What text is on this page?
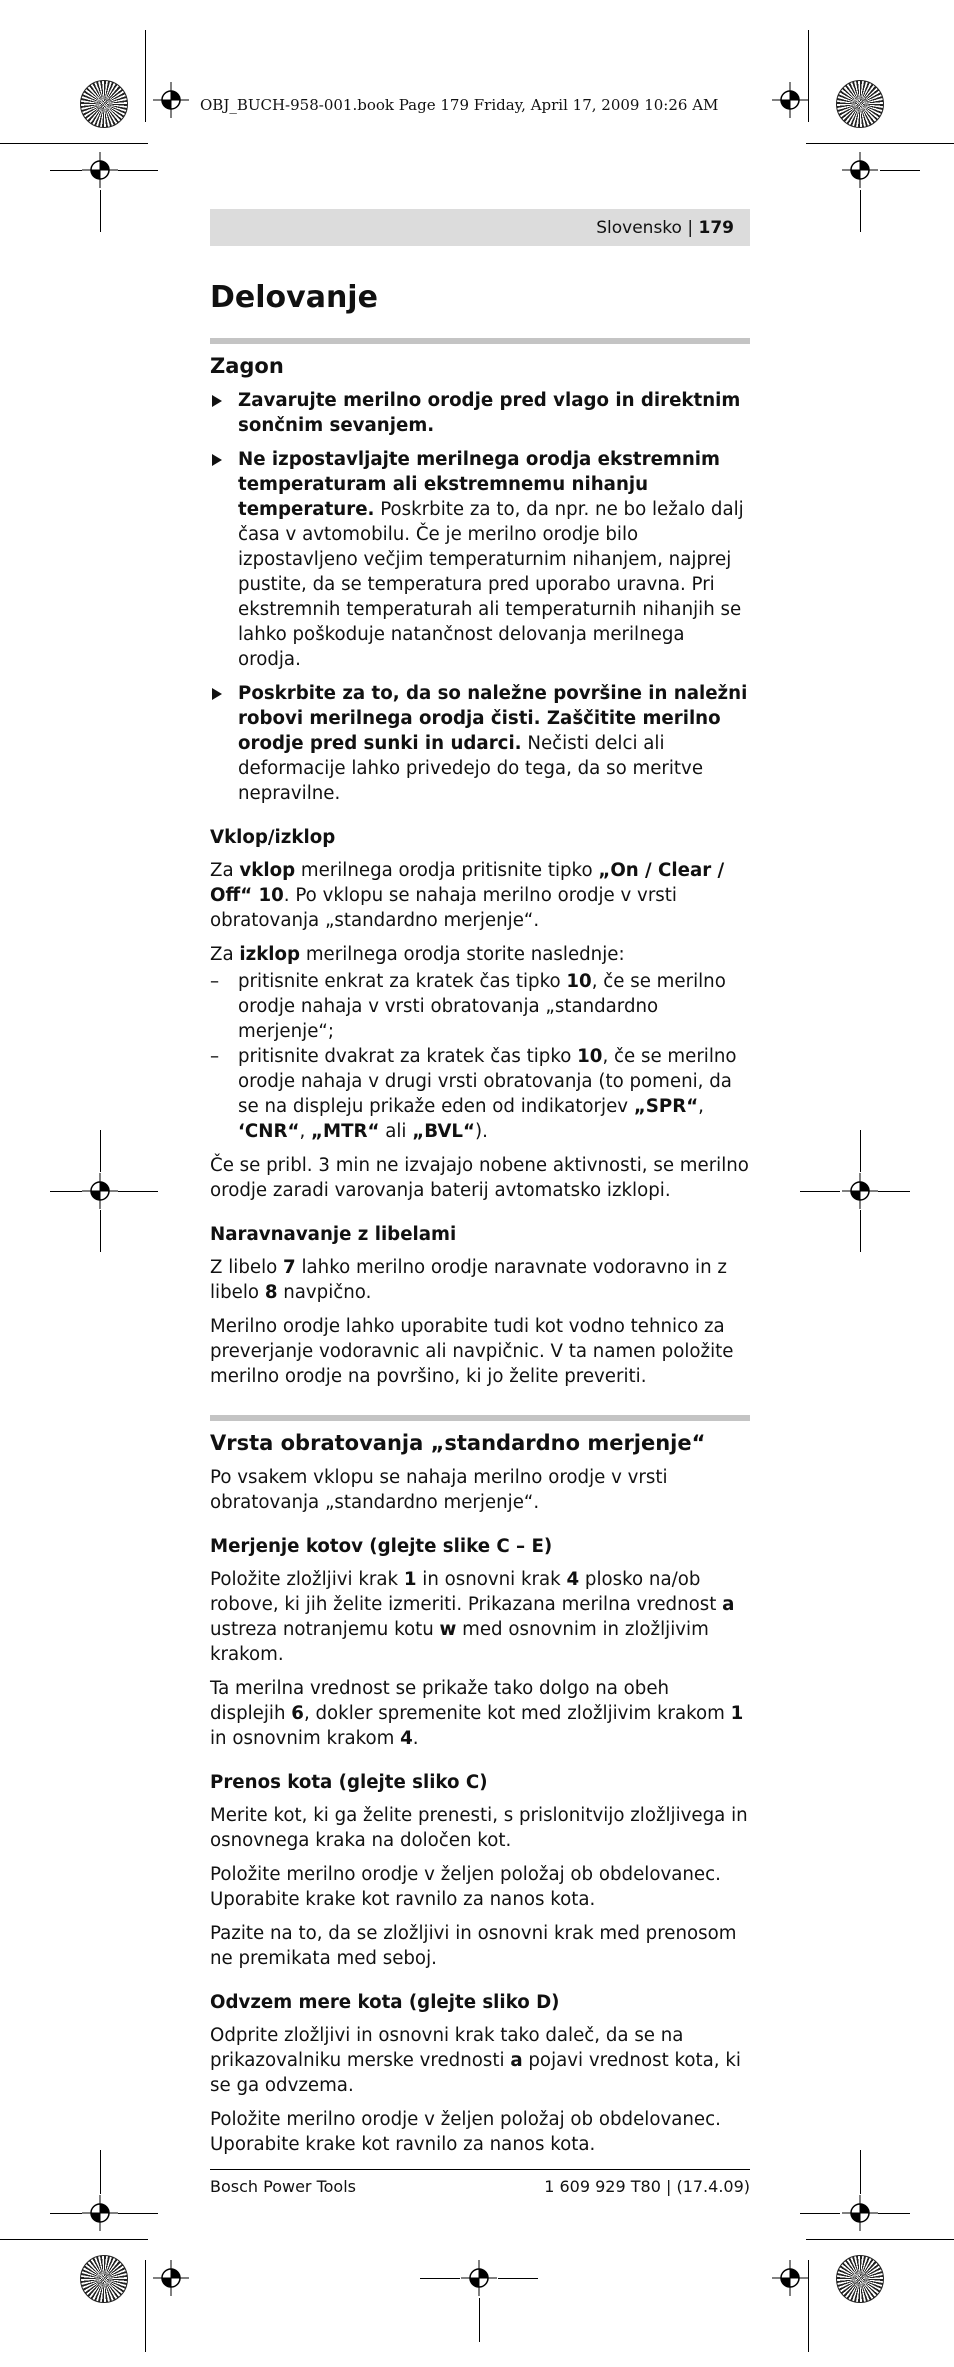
OBJ_BUCH-958-001.book Page 179 Friday, April 17, 2009 10:26 AM
Slovensko | 179
Delovanje
Zagon
Zavarujte merilno orodje pred vlago in direktnim sončnim sevanjem.
Ne izpostavljajte merilnega orodja ekstremnim temperaturam ali ekstremnemu nihanju temperature. Poskrbite za to, da npr. ne bo ležalo dalj časa v avtomobilu. Če je merilno orodje bilo izpostavljeno večjim temperaturnim nihanjem, najprej pustite, da se temperatura pred uporabo uravna. Pri ekstremnih temperaturah ali temperaturnih nihanjih se lahko poškoduje natančnost delovanja merilnega orodja.
Poskrbite za to, da so naležne površine in naležni robovi merilnega orodja čisti. Zaščitite merilno orodje pred sunki in udarci. Nečisti delci ali deformacije lahko privedejo do tega, da so meritve nepravilne.
Vklop/izklop

Za vklop merilnega orodja pritisnite tipko „On / Clear / Off“ 10. Po vklopu se nahaja merilno orodje v vrsti obratovanja „standardno merjenje“.

Za izklop merilnega orodja storite naslednje:

– pritisnite enkrat za kratek čas tipko 10, če se merilno orodje nahaja v vrsti obratovanja „standardno merjenje“;
– pritisnite dvakrat za kratek čas tipko 10, če se merilno orodje nahaja v drugi vrsti obratovanja (to pomeni, da se na displeju prikaže eden od indikatorjev „SPR“, ‘CNR“, „MTR“ ali „BVL“).

Če se pribl. 3 min ne izvajajo nobene aktivnosti, se merilno orodje zaradi varovanja baterij avtomatsko izklopi.

Naravnavanje z libelami

Z libelo 7 lahko merilno orodje naravnate vodoravno in z libelo 8 navpično.

Merilno orodje lahko uporabite tudi kot vodno tehnico za preverjanje vodoravnic ali navpičnic. V ta namen položite merilno orodje na površino, ki jo želite preveriti.

Vrsta obratovanja „standardno merjenje“

Po vsakem vklopu se nahaja merilno orodje v vrsti obratovanja „standardno merjenje“.

Merjenje kotov (glejte slike C – E)

Položite zložljivi krak 1 in osnovni krak 4 plosko na/ob robove, ki jih želite izmeriti. Prikazana merilna vrednost a ustreza notranjemu kotu w med osnovnim in zložljivim krakom.

Ta merilna vrednost se prikaže tako dolgo na obeh displejih 6, dokler spremenite kot med zložljivim krakom 1 in osnovnim krakom 4.

Prenos kota (glejte sliko C)

Merite kot, ki ga želite prenesti, s prislonitvijo zložljivega in osnovnega kraka na določen kot.

Položite merilno orodje v željen položaj ob obdelovanec. Uporabite krake kot ravnilo za nanos kota.

Pazite na to, da se zložljivi in osnovni krak med prenosom ne premikata med seboj.

Odvzem mere kota (glejte sliko D)

Odprite zložljivi in osnovni krak tako daleč, da se na prikazovalniku merske vrednosti a pojavi vrednost kota, ki se ga odvzema.

Položite merilno orodje v željen položaj ob obdelovanec. Uporabite krake kot ravnilo za nanos kota.

Bosch Power Tools	1 609 929 T80 | (17.4.09)
